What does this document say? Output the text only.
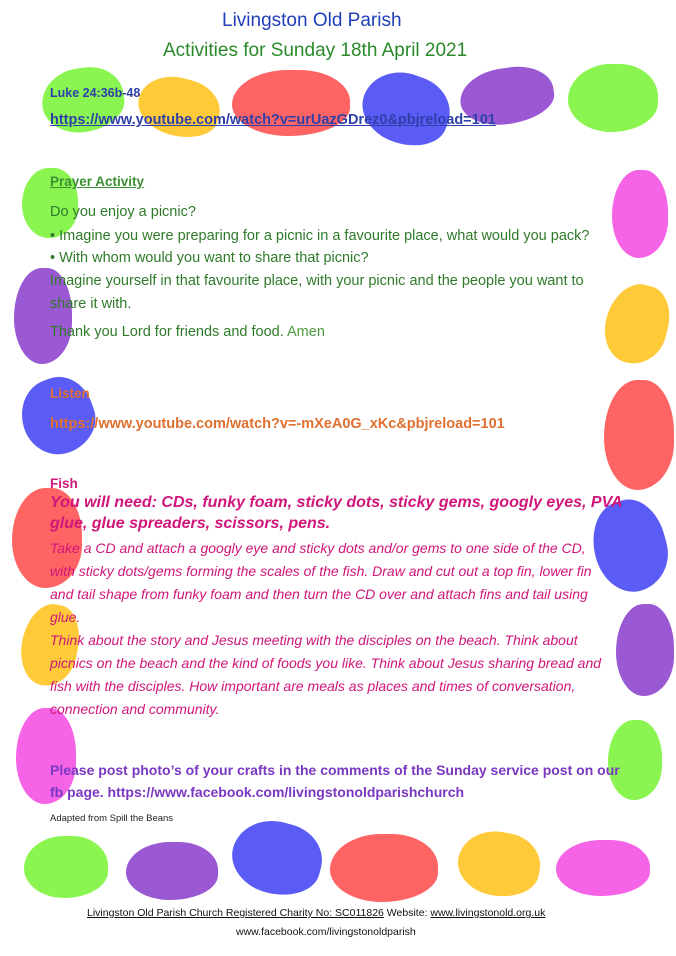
Livingston Old Parish
Activities for Sunday 18th April 2021
Luke 24:36b-48
https://www.youtube.com/watch?v=urUazGDrez0&pbjreload=101
Prayer Activity
Do you enjoy a picnic?
• Imagine you were preparing for a picnic in a favourite place, what would you pack?
• With whom would you want to share that picnic?
Imagine yourself in that favourite place, with your picnic and the people you want to
share it with.
Thank you Lord for friends and food. Amen
Listen
https://www.youtube.com/watch?v=-mXeA0G_xKc&pbjreload=101
Fish
You will need: CDs, funky foam, sticky dots, sticky gems, googly eyes, PVA
glue, glue spreaders, scissors, pens.
Take a CD and attach a googly eye and sticky dots and/or gems to one side of the CD,
with sticky dots/gems forming the scales of the fish. Draw and cut out a top fin, lower fin
and tail shape from funky foam and then turn the CD over and attach fins and tail using
glue.
Think about the story and Jesus meeting with the disciples on the beach. Think about
picnics on the beach and the kind of foods you like. Think about Jesus sharing bread and
fish with the disciples. How important are meals as places and times of conversation,
connection and community.
Please post photo’s of your crafts in the comments of the Sunday service post on our
fb page. https://www.facebook.com/livingstonoldparishchurch
Adapted from Spill the Beans
Livingston Old Parish Church Registered Charity No: SC011826 Website: www.livingstonold.org.uk
www.facebook.com/livingstonoldparish
